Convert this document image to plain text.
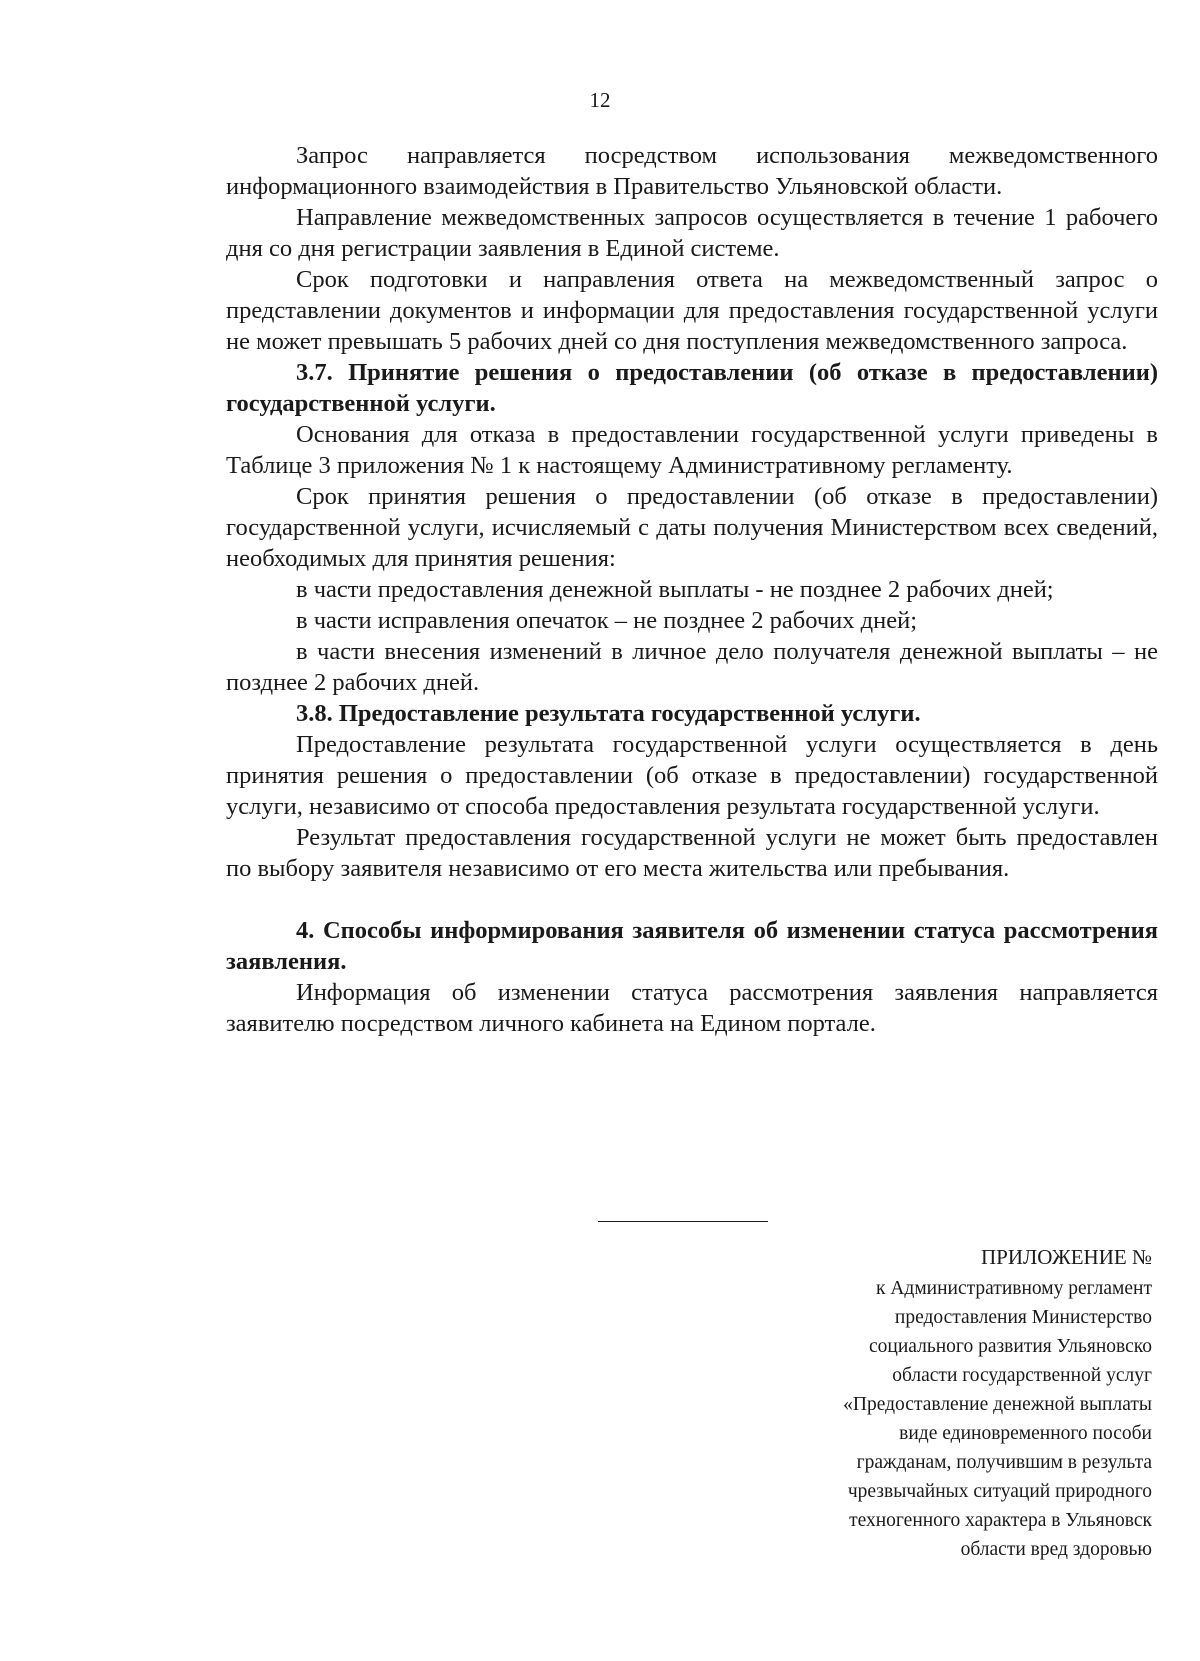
12

Запрос направляется посредством использования межведомственного информационного взаимодействия в Правительство Ульяновской области.

Направление межведомственных запросов осуществляется в течение 1 рабочего дня со дня регистрации заявления в Единой системе.

Срок подготовки и направления ответа на межведомственный запрос о представлении документов и информации для предоставления государственной услуги не может превышать 5 рабочих дней со дня поступления межведомственного запроса.

3.7. Принятие решения о предоставлении (об отказе в предоставлении) государственной услуги.

Основания для отказа в предоставлении государственной услуги приведены в Таблице 3 приложения № 1 к настоящему Административному регламенту.

Срок принятия решения о предоставлении (об отказе в предоставлении) государственной услуги, исчисляемый с даты получения Министерством всех сведений, необходимых для принятия решения:

в части предоставления денежной выплаты - не позднее 2 рабочих дней;

в части исправления опечаток – не позднее 2 рабочих дней;

в части внесения изменений в личное дело получателя денежной выплаты – не позднее 2 рабочих дней.

3.8. Предоставление результата государственной услуги.

Предоставление результата государственной услуги осуществляется в день принятия решения о предоставлении (об отказе в предоставлении) государственной услуги, независимо от способа предоставления результата государственной услуги.

Результат предоставления государственной услуги не может быть предоставлен по выбору заявителя независимо от его места жительства или пребывания.

4. Способы информирования заявителя об изменении статуса рассмотрения заявления.

Информация об изменении статуса рассмотрения заявления направляется заявителю посредством личного кабинета на Едином портале.

ПРИЛОЖЕНИЕ №
к Административному регламент
предоставления Министерство
социального развития Ульяновско
области государственной услуг
«Предоставление денежной выплаты
виде единовременного пособи
гражданам, получившим в результа
чрезвычайных ситуаций природного
техногенного характера в Ульяновск
области вред здоровью
